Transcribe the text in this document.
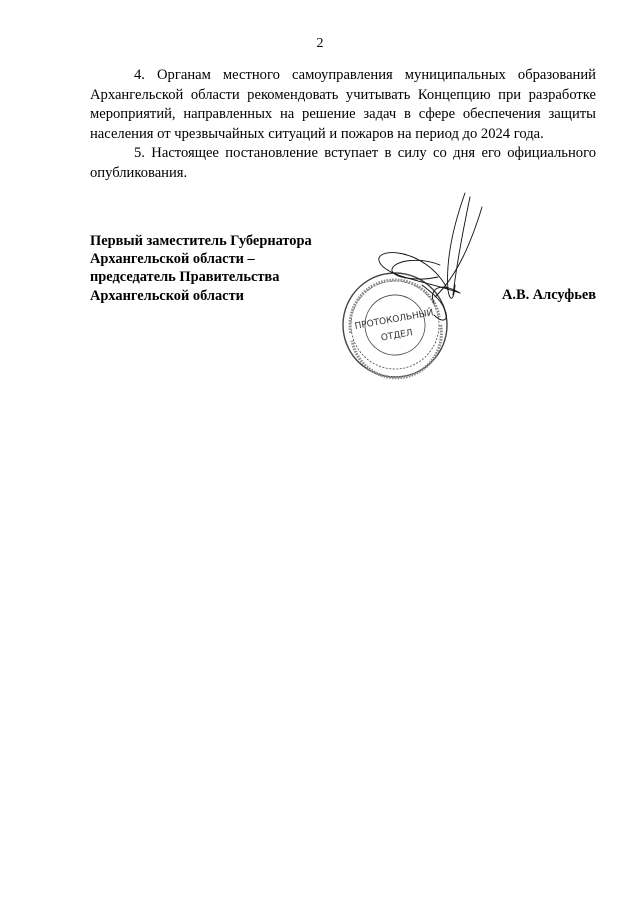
2

4. Органам местного самоуправления муниципальных образований Архангельской области рекомендовать учитывать Концепцию при разработке мероприятий, направленных на решение задач в сфере обеспечения защиты населения от чрезвычайных ситуаций и пожаров на период до 2024 года.

5. Настоящее постановление вступает в силу со дня его официального опубликования.

Первый заместитель Губернатора
Архангельской области –
председатель Правительства
Архангельской области
ПРОТОКОЛЬНЫЙ
ОТДЕЛ
А.В. Алсуфьев
